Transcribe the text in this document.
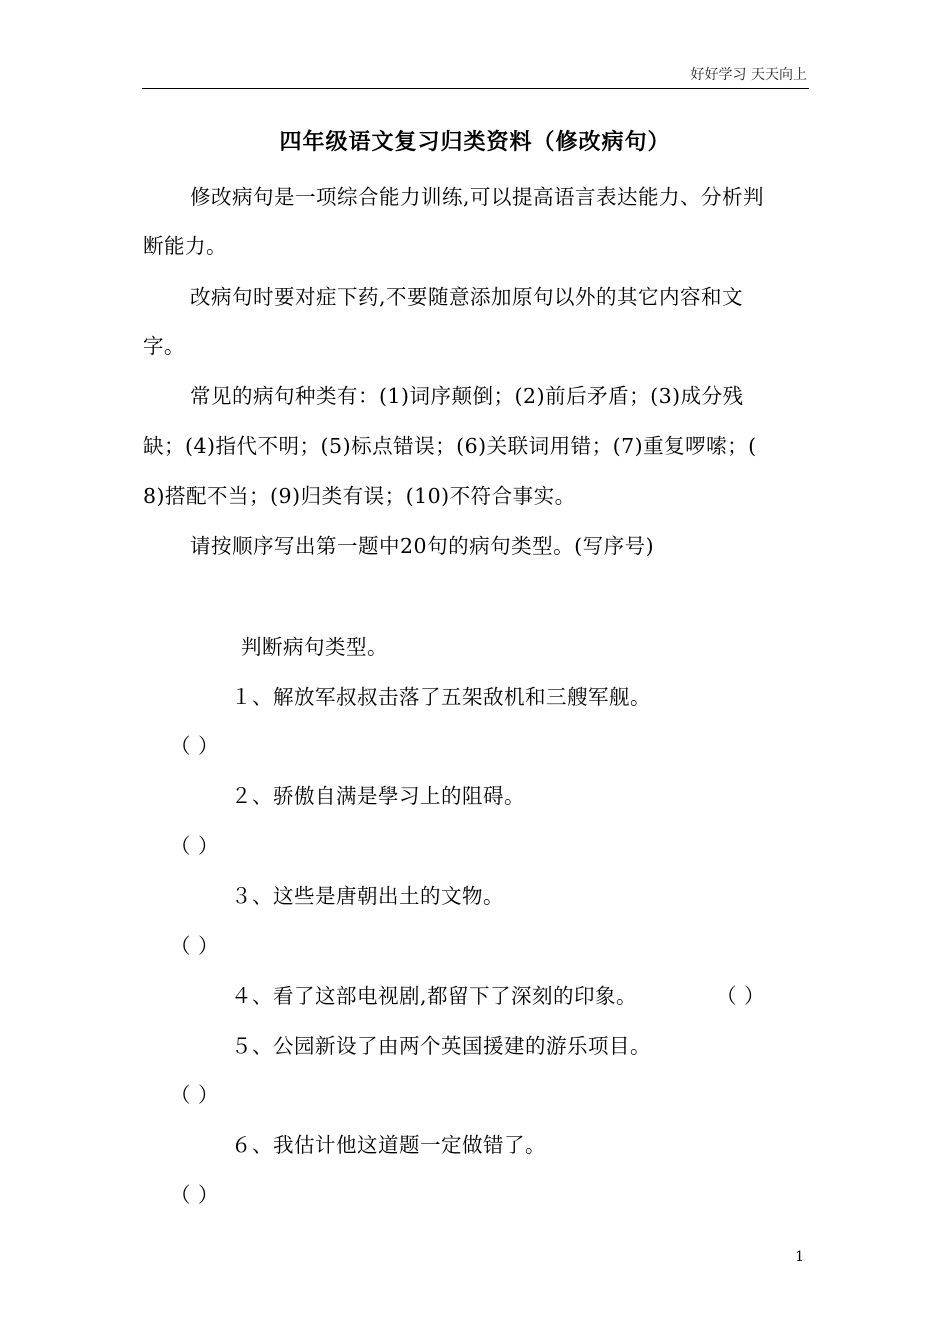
好好学习 天天向上
四年级语文复习归类资料（修改病句）
修改病句是一项综合能力训练,可以提高语言表达能力、分析判
断能力。
改病句时要对症下药,不要随意添加原句以外的其它内容和文
字。
常见的病句种类有：(1)词序颠倒；(2)前后矛盾；(3)成分残
缺；(4)指代不明；(5)标点错误；(6)关联词用错；(7)重复啰嗦；(
8)搭配不当；(9)归类有误；(10)不符合事实。
请按顺序写出第一题中20句的病句类型。(写序号)
判断病句类型。
１、解放军叔叔击落了五架敌机和三艘军舰。
（ ）
２、骄傲自满是學习上的阻碍。
（ ）
３、这些是唐朝出土的文物。
（ ）
４、看了这部电视剧,都留下了深刻的印象。	（ ）
５、公园新设了由两个英国援建的游乐项目。
（ ）
６、我估计他这道题一定做错了。
（ ）
1
